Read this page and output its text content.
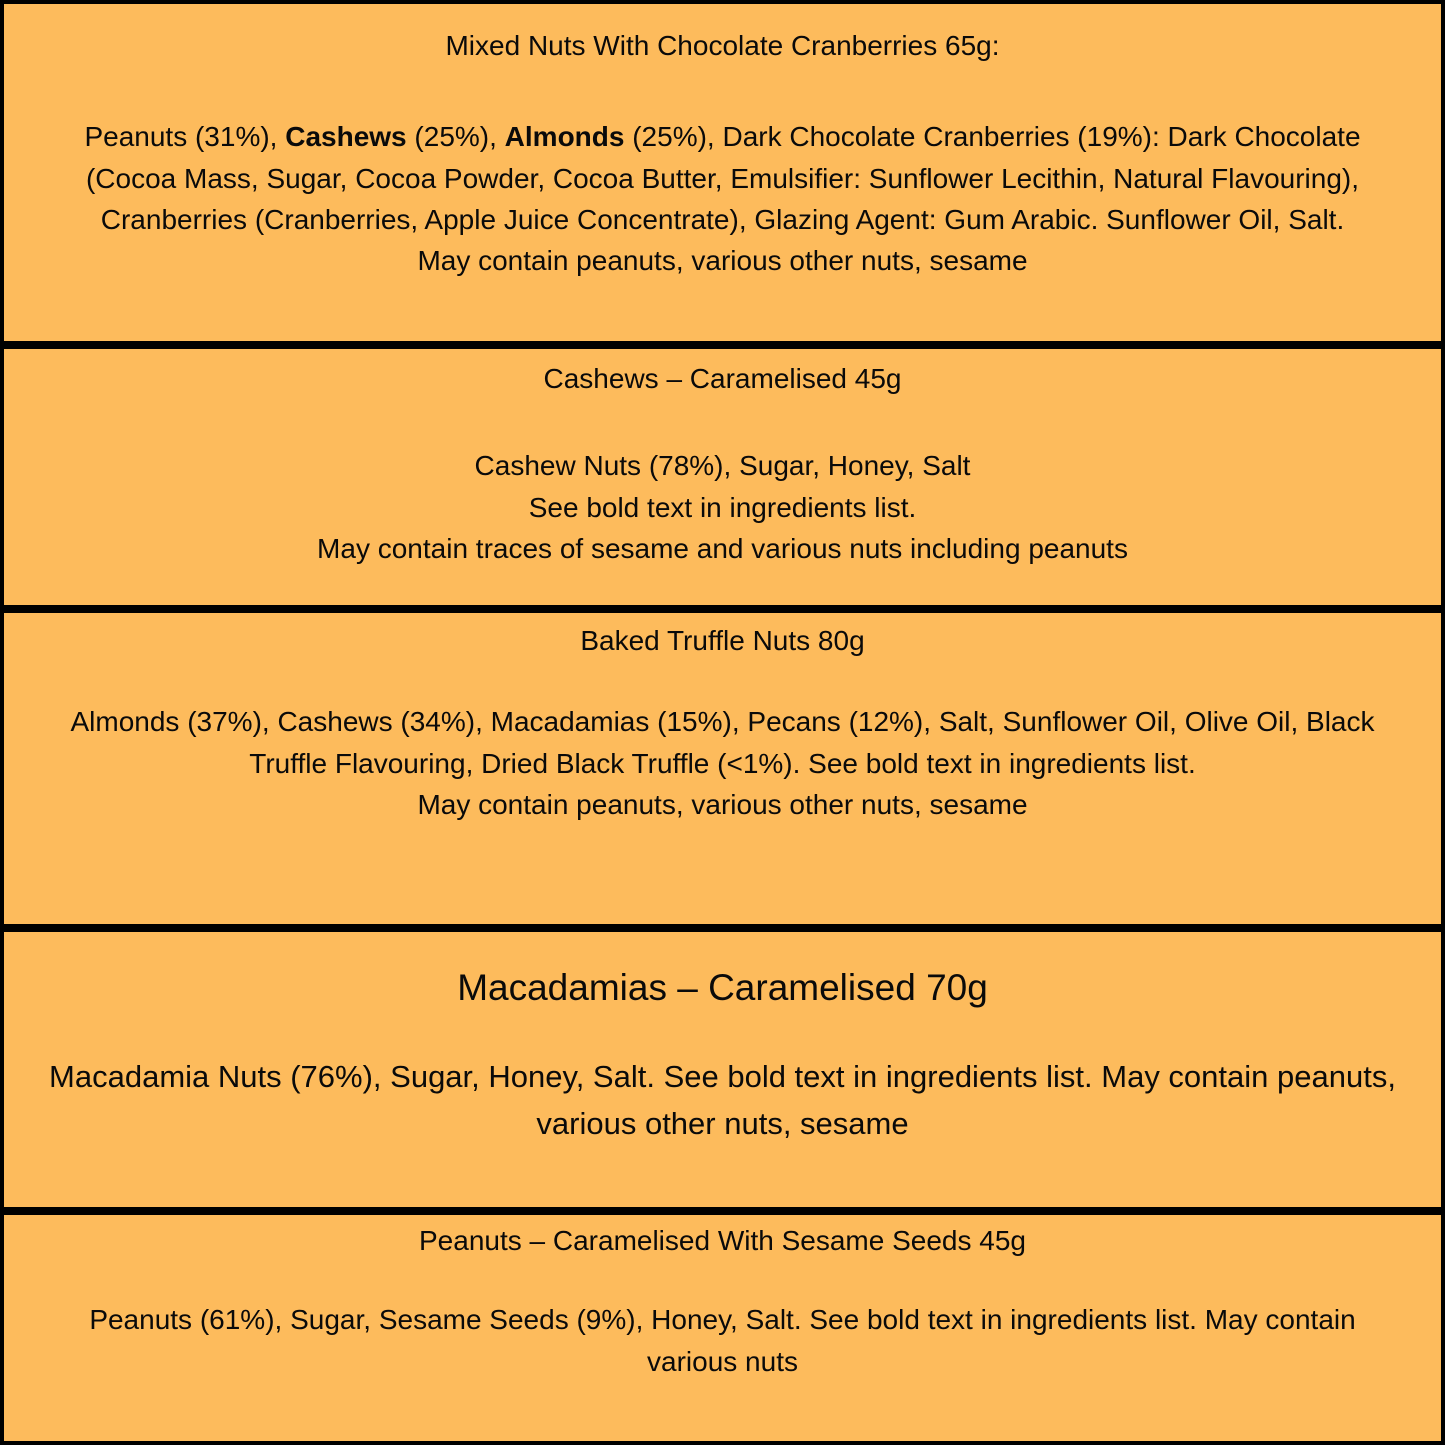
Mixed Nuts With Chocolate Cranberries 65g:
Peanuts (31%), Cashews (25%), Almonds (25%), Dark Chocolate Cranberries (19%): Dark Chocolate (Cocoa Mass, Sugar, Cocoa Powder, Cocoa Butter, Emulsifier: Sunflower Lecithin, Natural Flavouring), Cranberries (Cranberries, Apple Juice Concentrate), Glazing Agent: Gum Arabic. Sunflower Oil, Salt.
May contain peanuts, various other nuts, sesame
Cashews – Caramelised 45g
Cashew Nuts (78%), Sugar, Honey, Salt
See bold text in ingredients list.
May contain traces of sesame and various nuts including peanuts
Baked Truffle Nuts 80g
Almonds (37%), Cashews (34%), Macadamias (15%), Pecans (12%), Salt, Sunflower Oil, Olive Oil, Black Truffle Flavouring, Dried Black Truffle (<1%). See bold text in ingredients list.
May contain peanuts, various other nuts, sesame
Macadamias – Caramelised 70g
Macadamia Nuts (76%), Sugar, Honey, Salt. See bold text in ingredients list. May contain peanuts, various other nuts, sesame
Peanuts – Caramelised With Sesame Seeds 45g
Peanuts (61%), Sugar, Sesame Seeds (9%), Honey, Salt. See bold text in ingredients list. May contain various nuts
